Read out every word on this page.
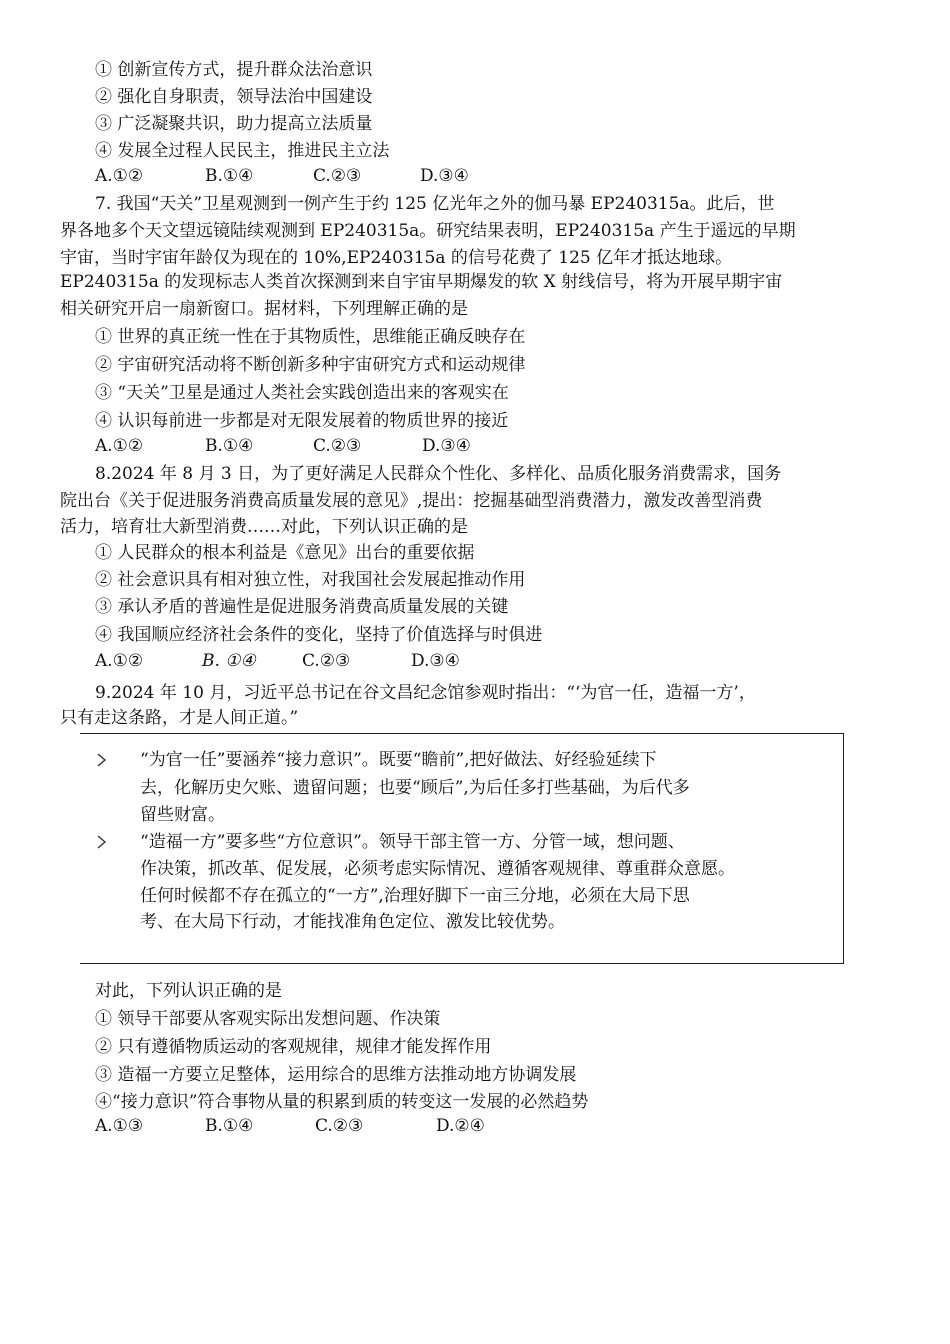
① 创新宣传方式，提升群众法治意识
② 强化自身职责，领导法治中国建设
③ 广泛凝聚共识，助力提高立法质量
④ 发展全过程人民民主，推进民主立法
A.①②	B.①④	C.②③	D.③④
7. 我国“天关”卫星观测到一例产生于约 125 亿光年之外的伽马暴 EP240315a。此后，世
界各地多个天文望远镜陆续观测到 EP240315a。研究结果表明，EP240315a 产生于遥远的早期
宇宙，当时宇宙年龄仅为现在的 10%,EP240315a 的信号花费了 125 亿年才抵达地球。
EP240315a 的发现标志人类首次探测到来自宇宙早期爆发的软 X 射线信号，将为开展早期宇宙
相关研究开启一扇新窗口。据材料，下列理解正确的是
① 世界的真正统一性在于其物质性，思维能正确反映存在
② 宇宙研究活动将不断创新多种宇宙研究方式和运动规律
③ “天关”卫星是通过人类社会实践创造出来的客观实在
④ 认识每前进一步都是对无限发展着的物质世界的接近
A.①②	B.①④	C.②③	D.③④
8.2024 年 8 月 3 日，为了更好满足人民群众个性化、多样化、品质化服务消费需求，国务
院出台《关于促进服务消费高质量发展的意见》,提出：挖掘基础型消费潜力，激发改善型消费
活力，培育壮大新型消费……对此，下列认识正确的是
① 人民群众的根本利益是《意见》出台的重要依据
② 社会意识具有相对独立性，对我国社会发展起推动作用
③ 承认矛盾的普遍性是促进服务消费高质量发展的关键
④ 我国顺应经济社会条件的变化，坚持了价值选择与时俱进
A.①②	B. ①④	C.②③	D.③④
9.2024 年 10 月，习近平总书记在谷文昌纪念馆参观时指出：“‘为官一任，造福一方’，
只有走这条路，才是人间正道。”
“为官一任”要涵养“接力意识”。既要“瞻前”,把好做法、好经验延续下
去，化解历史欠账、遗留问题；也要“顾后”,为后任多打些基础，为后代多
留些财富。
“造福一方”要多些“方位意识”。领导干部主管一方、分管一域，想问题、
作决策，抓改革、促发展，必须考虑实际情况、遵循客观规律、尊重群众意愿。
任何时候都不存在孤立的“一方”,治理好脚下一亩三分地，必须在大局下思
考、在大局下行动，才能找准角色定位、激发比较优势。
对此，下列认识正确的是
① 领导干部要从客观实际出发想问题、作决策
② 只有遵循物质运动的客观规律，规律才能发挥作用
③ 造福一方要立足整体，运用综合的思维方法推动地方协调发展
④“接力意识”符合事物从量的积累到质的转变这一发展的必然趋势
A.①③	B.①④	C.②③	D.②④
